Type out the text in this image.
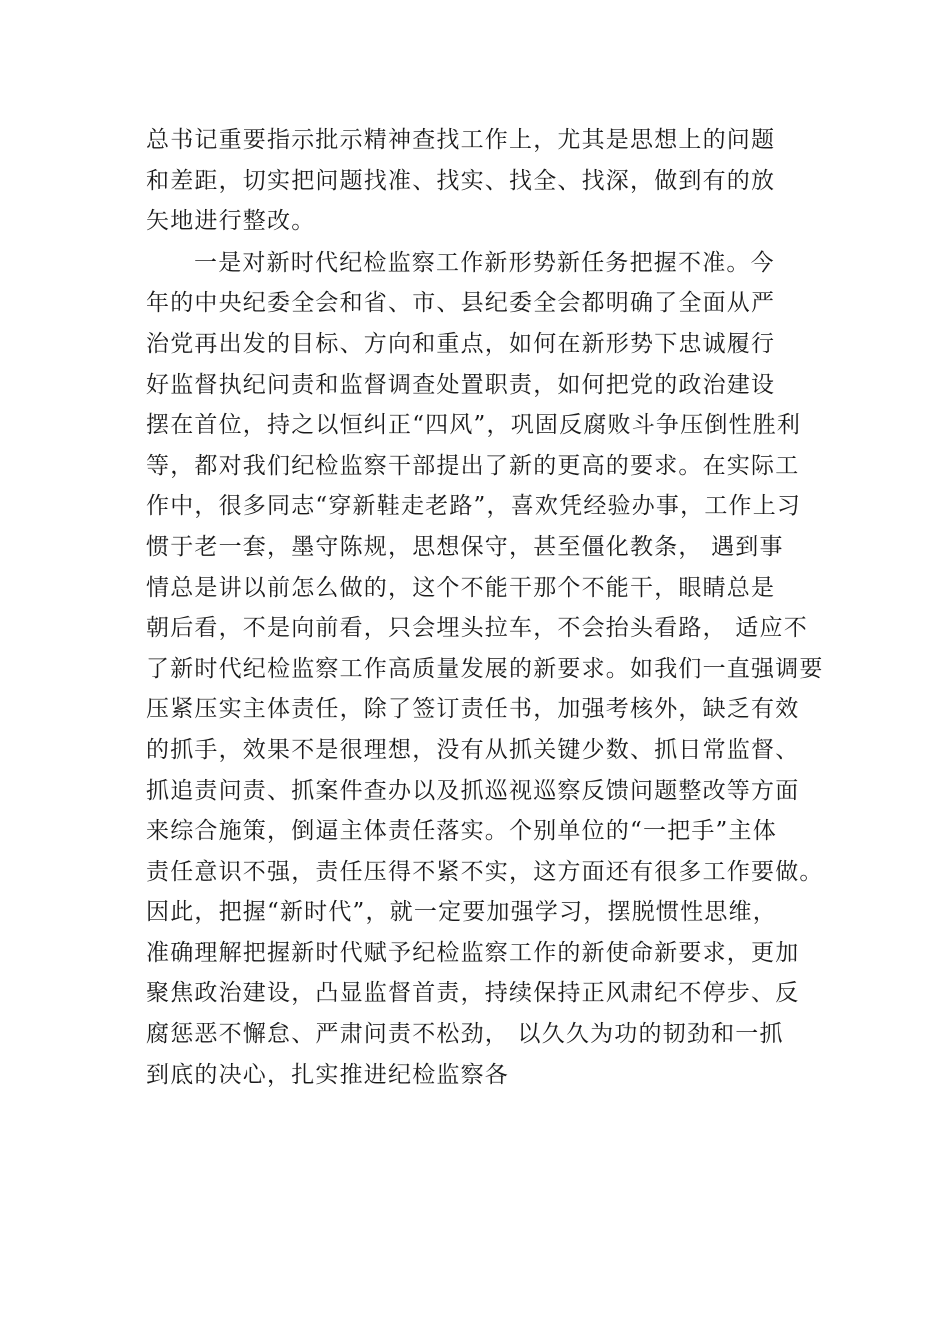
总书记重要指示批示精神查找工作上，尤其是思想上的问题
和差距，切实把问题找准、找实、找全、找深，做到有的放
矢地进行整改。
一是对新时代纪检监察工作新形势新任务把握不准。今
年的中央纪委全会和省、市、县纪委全会都明确了全面从严
治党再出发的目标、方向和重点，如何在新形势下忠诚履行
好监督执纪问责和监督调查处置职责，如何把党的政治建设
摆在首位，持之以恒纠正“四风”，巩固反腐败斗争压倒性胜利
等，都对我们纪检监察干部提出了新的更高的要求。在实际工
作中，很多同志“穿新鞋走老路”，喜欢凭经验办事，工作上习
惯于老一套，墨守陈规，思想保守，甚至僵化教条， 遇到事
情总是讲以前怎么做的，这个不能干那个不能干，眼睛总是
朝后看，不是向前看，只会埋头拉车，不会抬头看路， 适应不
了新时代纪检监察工作高质量发展的新要求。如我们一直强调要
压紧压实主体责任，除了签订责任书，加强考核外，缺乏有效
的抓手，效果不是很理想，没有从抓关键少数、抓日常监督、
抓追责问责、抓案件查办以及抓巡视巡察反馈问题整改等方面
来综合施策，倒逼主体责任落实。个别单位的“一把手”主体
责任意识不强，责任压得不紧不实，这方面还有很多工作要做。
因此，把握“新时代”，就一定要加强学习，摆脱惯性思维，
准确理解把握新时代赋予纪检监察工作的新使命新要求，更加
聚焦政治建设，凸显监督首责，持续保持正风肃纪不停步、反
腐惩恶不懈怠、严肃问责不松劲， 以久久为功的韧劲和一抓
到底的决心，扎实推进纪检监察各
